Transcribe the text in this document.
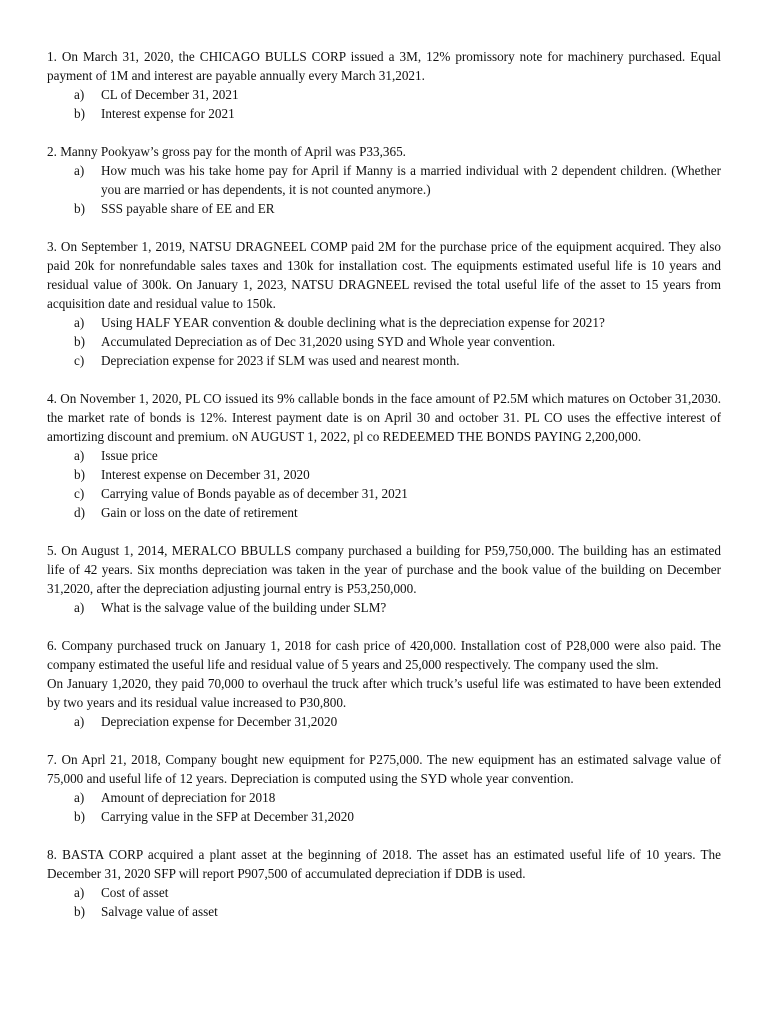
1. On March 31, 2020, the CHICAGO BULLS CORP issued a 3M, 12% promissory note for machinery purchased. Equal payment of 1M and interest are payable annually every March 31,2021.

a)	CL of December 31, 2021
b)	Interest expense for 2021

2. Manny Pookyaw’s gross pay for the month of April was P33,365.

a)	How much was his take home pay for April if Manny is a married individual with 2 dependent children. (Whether you are married or has dependents, it is not counted anymore.)
b)	SSS payable share of EE and ER

3. On September 1, 2019, NATSU DRAGNEEL COMP paid 2M for the purchase price of the equipment acquired. They also paid 20k for nonrefundable sales taxes and 130k for installation cost. The equipments estimated useful life is 10 years and residual value of 300k. On January 1, 2023, NATSU DRAGNEEL revised the total useful life of the asset to 15 years from acquisition date and residual value to 150k.

a)	Using HALF YEAR convention & double declining what is the depreciation expense for 2021?
b)	Accumulated Depreciation as of Dec 31,2020 using SYD and Whole year convention.
c)	Depreciation expense for 2023 if SLM was used and nearest month.

4. On November 1, 2020, PL CO issued its 9% callable bonds in the face amount of P2.5M which matures on October 31,2030. the market rate of bonds is 12%. Interest payment date is on April 30 and october 31. PL CO uses the effective interest of amortizing discount and premium. oN AUGUST 1, 2022, pl co REDEEMED THE BONDS PAYING 2,200,000.

a)	Issue price
b)	Interest expense on December 31, 2020
c)	Carrying value of Bonds payable as of december 31, 2021
d)	Gain or loss on the date of retirement

5. On August 1, 2014, MERALCO BBULLS company purchased a building for P59,750,000. The building has an estimated life of 42 years. Six months depreciation was taken in the year of purchase and the book value of the building on December 31,2020, after the depreciation adjusting journal entry is P53,250,000.

a)	What is the salvage value of the building under SLM?

6. Company purchased truck on January 1, 2018 for cash price of 420,000. Installation cost of P28,000 were also paid. The company estimated the useful life and residual value of 5 years and 25,000 respectively. The company used the slm.

On January 1,2020, they paid 70,000 to overhaul the truck after which truck’s useful life was estimated to have been extended by two years and its residual value increased to P30,800.

a)	Depreciation expense for December 31,2020

7. On Aprl 21, 2018, Company bought new equipment for P275,000. The new equipment has an estimated salvage value of 75,000 and useful life of 12 years. Depreciation is computed using the SYD whole year convention.

a)	Amount of depreciation for 2018
b)	Carrying value in the SFP at December 31,2020

8. BASTA CORP acquired a plant asset at the beginning of 2018. The asset has an estimated useful life of 10 years. The December 31, 2020 SFP will report P907,500 of accumulated depreciation if DDB is used.

a)	Cost of asset
b)	Salvage value of asset
